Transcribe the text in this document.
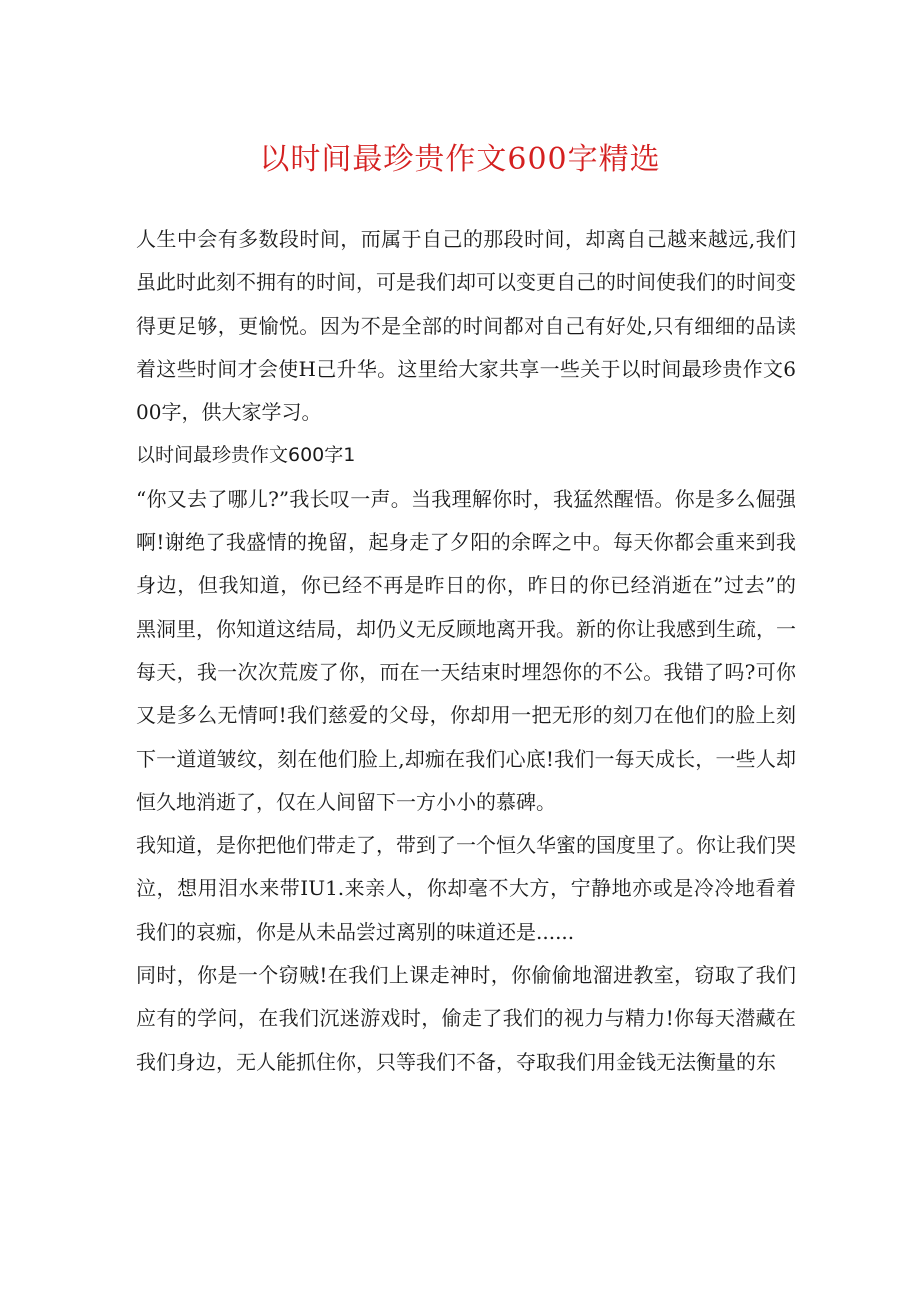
以时间最珍贵作文600字精选

人生中会有多数段时间，而属于自己的那段时间，却离自己越来越远,我们虽此时此刻不拥有的时间，可是我们却可以变更自己的时间使我们的时间变得更足够，更愉悦。因为不是全部的时间都对自己有好处,只有细细的品读着这些时间才会使H己升华。这里给大家共享一些关于以时间最珍贵作文600字，供大家学习。

以时间最珍贵作文600字1

“你又去了哪儿?”我长叹一声。当我理解你时，我猛然醒悟。你是多么倔强啊!谢绝了我盛情的挽留，起身走了夕阳的余晖之中。每天你都会重来到我身边，但我知道，你已经不再是昨日的你，昨日的你已经消逝在”过去”的黑洞里，你知道这结局，却仍义无反顾地离开我。新的你让我感到生疏，一每天，我一次次荒废了你，而在一天结束时埋怨你的不公。我错了吗?可你又是多么无情呵!我们慈爱的父母，你却用一把无形的刻刀在他们的脸上刻下一道道皱纹，刻在他们脸上,却痂在我们心底!我们一每天成长，一些人却恒久地消逝了，仅在人间留下一方小小的慕碑。

我知道，是你把他们带走了，带到了一个恒久华蜜的国度里了。你让我们哭泣，想用泪水来带IU1.来亲人，你却毫不大方，宁静地亦或是冷冷地看着我们的哀痂，你是从未品尝过离别的味道还是......

同时，你是一个窃贼!在我们上课走神时，你偷偷地溜进教室，窃取了我们应有的学问，在我们沉迷游戏时，偷走了我们的视力与精力!你每天潜藏在我们身边，无人能抓住你，只等我们不备，夺取我们用金钱无法衡量的东
